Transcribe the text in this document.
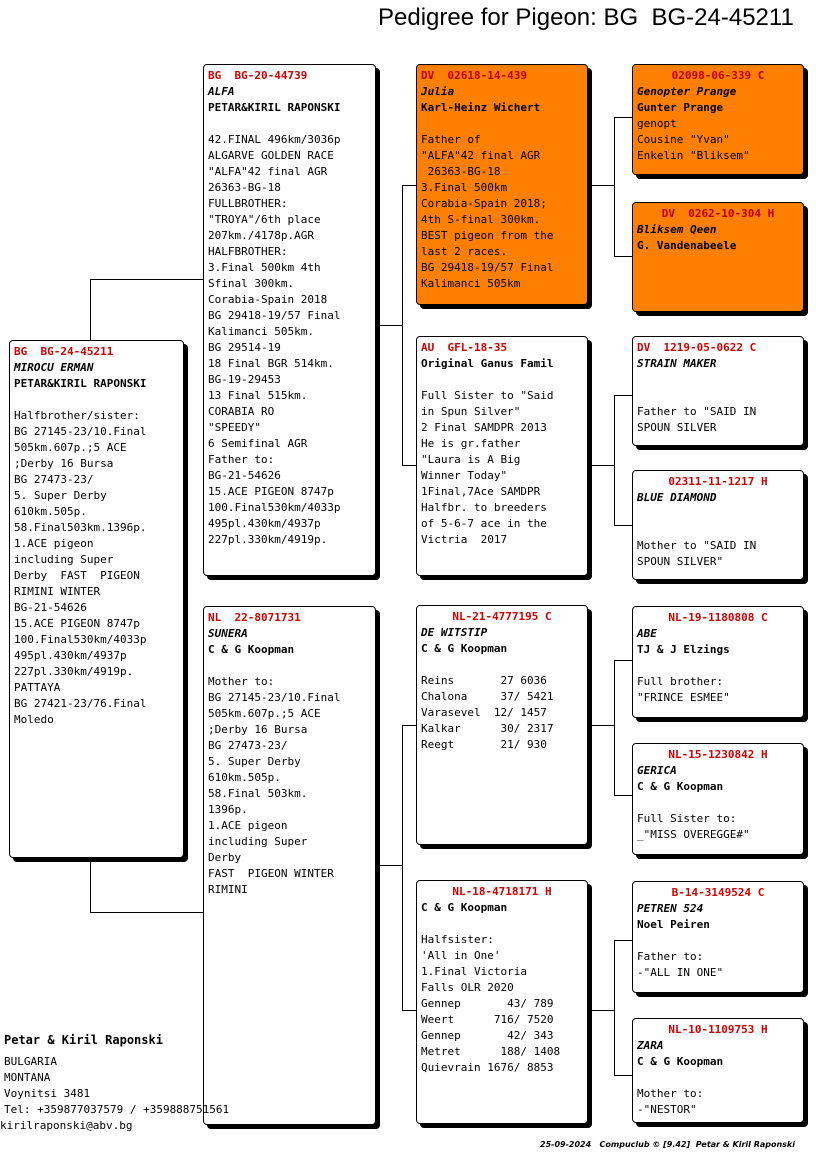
Pedigree for Pigeon: BG  BG-24-45211
BG  BG-24-45211
MIROCU ERMAN
PETAR&KIRIL RAPONSKI
Halfbrother/sister:
BG 27145-23/10.Final
505km.607p.;5 ACE
;Derby 16 Bursa
BG 27473-23/
5. Super Derby
610km.505p.
58.Final503km.1396p.
1.ACE pigeon
including Super
Derby  FAST  PIGEON
RIMINI WINTER
BG-21-54626
15.ACE PIGEON 8747p
100.Final530km/4033p
495pl.430km/4937p
227pl.330km/4919p.
PATTAYA
BG 27421-23/76.Final
Moledo
BG  BG-20-44739
ALFA
PETAR&KIRIL RAPONSKI
42.FINAL 496km/3036p
ALGARVE GOLDEN RACE
"ALFA"42 final AGR
26363-BG-18
FULLBROTHER:
"TROYA"/6th place
207km./4178p.AGR
HALFBROTHER:
3.Final 500km 4th
Sfinal 300km.
Corabia-Spain 2018
BG 29418-19/57 Final
Kalimanci 505km.
BG 29514-19
18 Final BGR 514km.
BG-19-29453
13 Final 515km.
CORABIA RO
"SPEEDY"
6 Semifinal AGR
Father to:
BG-21-54626
15.ACE PIGEON 8747p
100.Final530km/4033p
495pl.430km/4937p
227pl.330km/4919p.
NL  22-8071731
SUNERA
C & G Koopman
Mother to:
BG 27145-23/10.Final
505km.607p.;5 ACE
;Derby 16 Bursa
BG 27473-23/
5. Super Derby
610km.505p.
58.Final 503km.
1396p.
1.ACE pigeon
including Super
Derby
FAST  PIGEON WINTER
RIMINI
DV  02618-14-439
Julia
Karl-Heinz Wichert
Father of
"ALFA"42 final AGR
26363-BG-18
3.Final 500km
Corabia-Spain 2018;
4th S-final 300km.
BEST pigeon from the
last 2 races.
BG 29418-19/57 Final
Kalimanci 505km
AU  GFL-18-35
Original Ganus Famil
Full Sister to "Said
in Spun Silver"
2 Final SAMDPR 2013
He is gr.father
"Laura is A Big
Winner Today"
1Final,7Ace SAMDPR
Halfbr. to breeders
of 5-6-7 ace in the
Victria  2017
NL-21-4777195 C
DE WITSTIP
C & G Koopman
Reins       27 6036
Chalona     37/ 5421
Varasevel  12/ 1457
Kalkar      30/ 2317
Reegt       21/ 930
NL-18-4718171 H
C & G Koopman
Halfsister:
'All in One'
1.Final Victoria
Falls OLR 2020
Gennep       43/ 789
Weert      716/ 7520
Gennep       42/ 343
Metret      188/ 1408
Quievrain 1676/ 8853
02098-06-339 C
Genopter Prange
Gunter Prange
genopt
Cousine "Yvan"
Enkelin "Bliksem"
DV  0262-10-304 H
Bliksem Qeen
G. Vandenabeele
DV  1219-05-0622 C
STRAIN MAKER
Father to "SAID IN
SPOUN SILVER
02311-11-1217 H
BLUE DIAMOND
Mother to "SAID IN
SPOUN SILVER"
NL-19-1180808 C
ABE
TJ & J Elzings
Full brother:
"FRINCE ESMEE"
NL-15-1230842 H
GERICA
C & G Koopman
Full Sister to:
_"MISS OVEREGGE#"
B-14-3149524 C
PETREN 524
Noel Peiren
Father to:
-"ALL IN ONE"
NL-10-1109753 H
ZARA
C & G Koopman
Mother to:
-"NESTOR"
Petar & Kiril Raponski
BULGARIA
MONTANA
Voynitsi 3481
Tel: +359877037579 / +359888751561
kirilraponski@abv.bg
25-09-2024   Compuclub © [9.42]  Petar & Kiril Raponski
